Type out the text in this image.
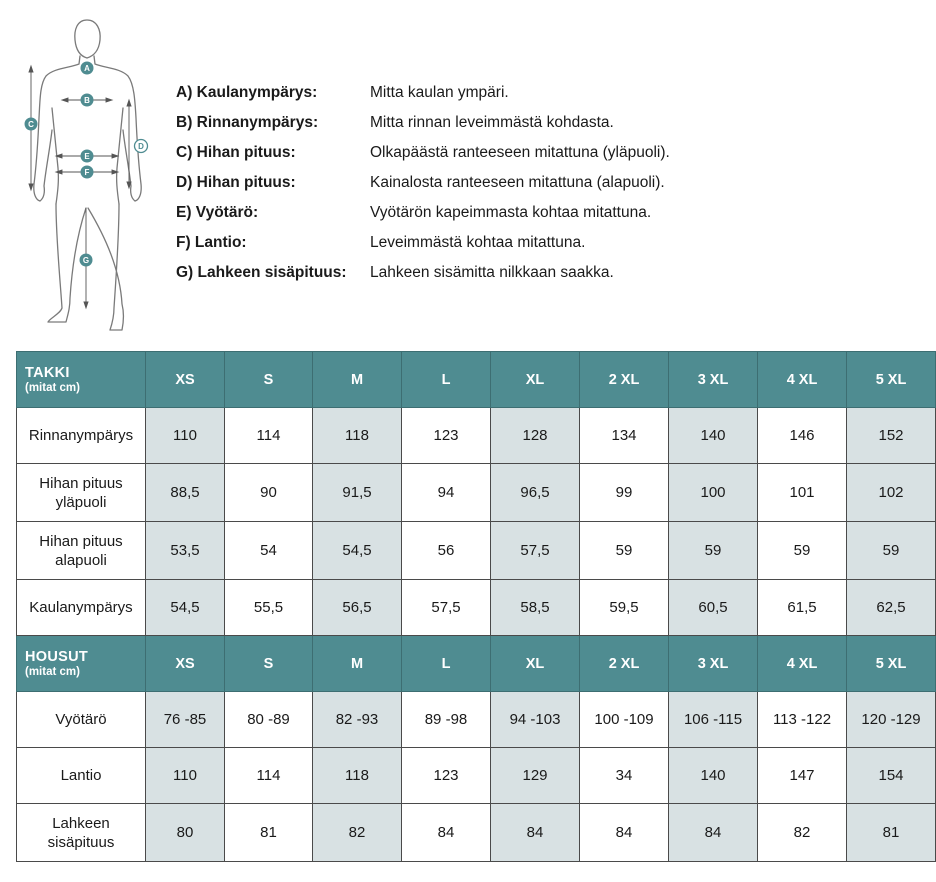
A
B
C
D
E
F
G
A) Kaulanympärys:	Mitta kaulan ympäri.
B) Rinnanympärys:	Mitta rinnan leveimmästä kohdasta.
C) Hihan pituus:	Olkapäästä ranteeseen mitattuna (yläpuoli).
D) Hihan pituus:	Kainalosta ranteeseen mitattuna (alapuoli).
E) Vyötärö:	Vyötärön kapeimmasta kohtaa mitattuna.
F) Lantio:	Leveimmästä kohtaa mitattuna.
G) Lahkeen sisäpituus:	Lahkeen sisämitta nilkkaan saakka.
TAKKI
(mitat cm)	XS	S	M	L	XL	2 XL	3 XL	4 XL	5 XL
Rinnanympärys	110	114	118	123	128	134	140	146	152
Hihan pituus yläpuoli	88,5	90	91,5	94	96,5	99	100	101	102
Hihan pituus alapuoli	53,5	54	54,5	56	57,5	59	59	59	59
Kaulanympärys	54,5	55,5	56,5	57,5	58,5	59,5	60,5	61,5	62,5

HOUSUT
(mitat cm)	XS	S	M	L	XL	2 XL	3 XL	4 XL	5 XL
Vyötärö	76 -85	80 -89	82 -93	89 -98	94 -103	100 -109	106 -115	113 -122	120 -129
Lantio	110	114	118	123	129	34	140	147	154
Lahkeen sisäpituus	80	81	82	84	84	84	84	82	81
